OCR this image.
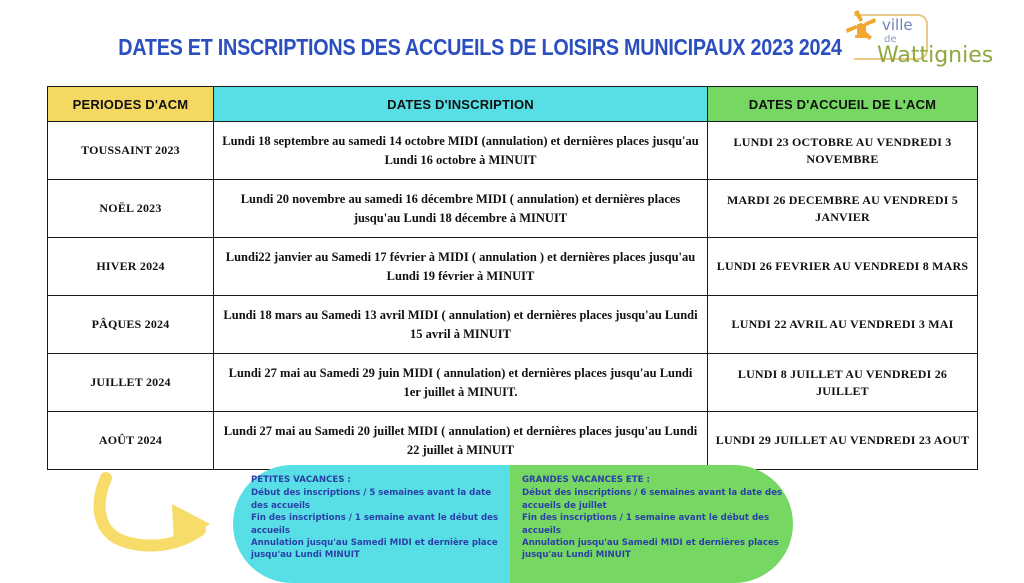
DATES ET INSCRIPTIONS DES ACCUEILS DE LOISIRS MUNICIPAUX 2023 2024
ville
de
Wattignies
PERIODES D'ACM	DATES D'INSCRIPTION	DATES D'ACCUEIL DE L'ACM
TOUSSAINT 2023	Lundi 18 septembre au samedi 14 octobre MIDI (annulation) et dernières places jusqu'au Lundi 16 octobre à MINUIT	LUNDI 23 OCTOBRE AU VENDREDI 3 NOVEMBRE
NOËL 2023	Lundi 20 novembre au samedi 16 décembre MIDI ( annulation) et dernières places jusqu'au Lundi 18 décembre à MINUIT	MARDI 26 DECEMBRE AU VENDREDI 5 JANVIER
HIVER 2024	Lundi22 janvier au Samedi 17 février à MIDI ( annulation ) et dernières places jusqu'au Lundi 19 février à MINUIT	LUNDI 26 FEVRIER AU VENDREDI 8 MARS
PÂQUES 2024	Lundi 18 mars au Samedi 13 avril MIDI ( annulation) et dernières places jusqu'au Lundi 15 avril à MINUIT	LUNDI 22 AVRIL AU VENDREDI 3 MAI
JUILLET 2024	Lundi 27 mai au Samedi 29 juin MIDI ( annulation) et dernières places jusqu'au Lundi 1er juillet à MINUIT.	LUNDI 8 JUILLET AU VENDREDI 26 JUILLET
AOÛT 2024	Lundi 27 mai au Samedi 20 juillet MIDI ( annulation) et dernières places jusqu'au Lundi 22 juillet à MINUIT	LUNDI 29 JUILLET AU VENDREDI 23 AOUT
PETITES VACANCES :
Début des inscriptions / 5 semaines avant la date
des accueils
Fin des inscriptions / 1 semaine avant le début des
accueils
Annulation jusqu'au Samedi MIDI et dernière place
jusqu'au Lundi MINUIT
GRANDES VACANCES ETE :
Début des inscriptions / 6 semaines avant la date des
accueils de juillet
Fin des inscriptions / 1 semaine avant le début des
accueils
Annulation jusqu'au Samedi MIDI et dernières places
jusqu'au Lundi MINUIT
